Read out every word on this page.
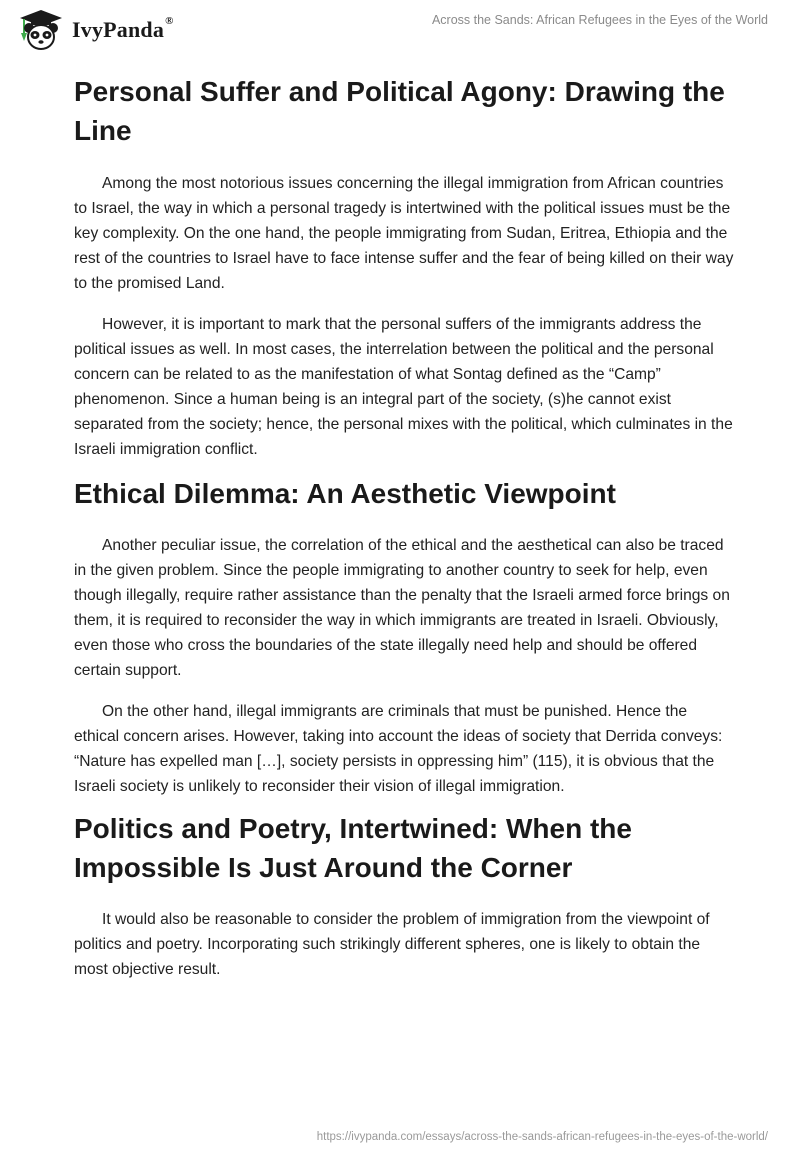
IvyPanda®	Across the Sands: African Refugees in the Eyes of the World
Personal Suffer and Political Agony: Drawing the Line

Among the most notorious issues concerning the illegal immigration from African countries to Israel, the way in which a personal tragedy is intertwined with the political issues must be the key complexity. On the one hand, the people immigrating from Sudan, Eritrea, Ethiopia and the rest of the countries to Israel have to face intense suffer and the fear of being killed on their way to the promised Land.

However, it is important to mark that the personal suffers of the immigrants address the political issues as well. In most cases, the interrelation between the political and the personal concern can be related to as the manifestation of what Sontag defined as the “Camp” phenomenon. Since a human being is an integral part of the society, (s)he cannot exist separated from the society; hence, the personal mixes with the political, which culminates in the Israeli immigration conflict.

Ethical Dilemma: An Aesthetic Viewpoint

Another peculiar issue, the correlation of the ethical and the aesthetical can also be traced in the given problem. Since the people immigrating to another country to seek for help, even though illegally, require rather assistance than the penalty that the Israeli armed force brings on them, it is required to reconsider the way in which immigrants are treated in Israeli. Obviously, even those who cross the boundaries of the state illegally need help and should be offered certain support.

On the other hand, illegal immigrants are criminals that must be punished. Hence the ethical concern arises. However, taking into account the ideas of society that Derrida conveys: “Nature has expelled man […], society persists in oppressing him” (115), it is obvious that the Israeli society is unlikely to reconsider their vision of illegal immigration.

Politics and Poetry, Intertwined: When the Impossible Is Just Around the Corner

It would also be reasonable to consider the problem of immigration from the viewpoint of politics and poetry. Incorporating such strikingly different spheres, one is likely to obtain the most objective result.

https://ivypanda.com/essays/across-the-sands-african-refugees-in-the-eyes-of-the-world/
